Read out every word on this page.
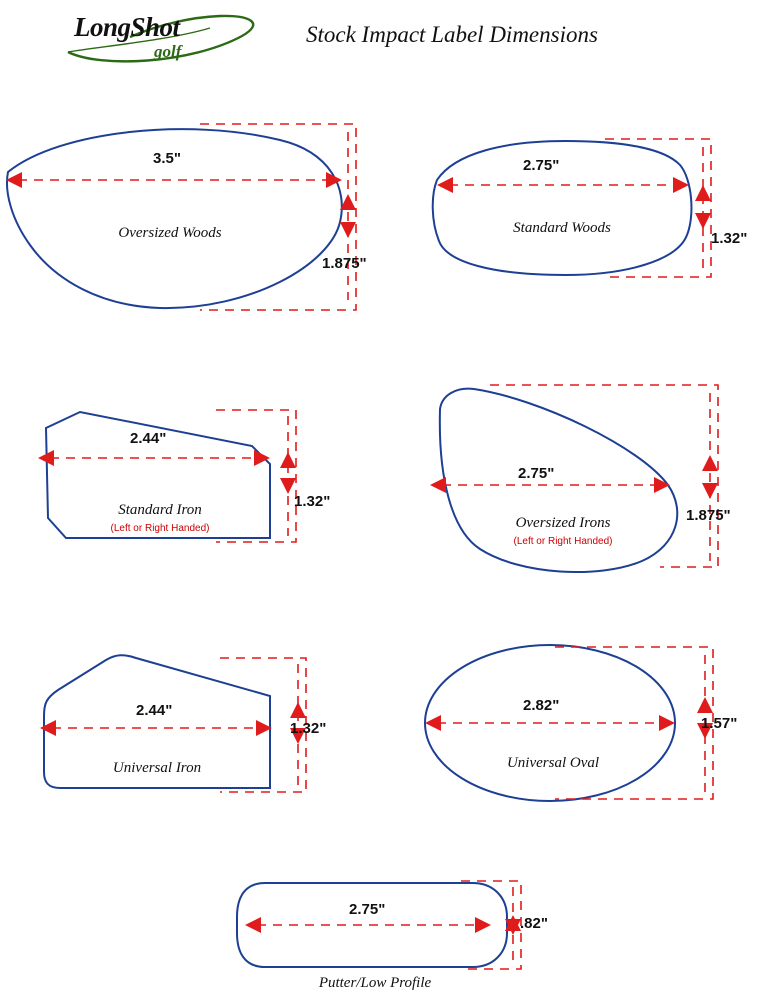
LongShot
golf
Stock Impact Label Dimensions
3.5"
1.875"
Oversized Woods
2.75"
1.32"
Standard Woods
2.44"
1.32"
Standard Iron
(Left or Right Handed)
2.75"
1.875"
Oversized Irons
(Left or Right Handed)
2.44"
1.32"
Universal Iron
2.82"
1.57"
Universal Oval
2.75"
.82"
Putter/Low Profile
